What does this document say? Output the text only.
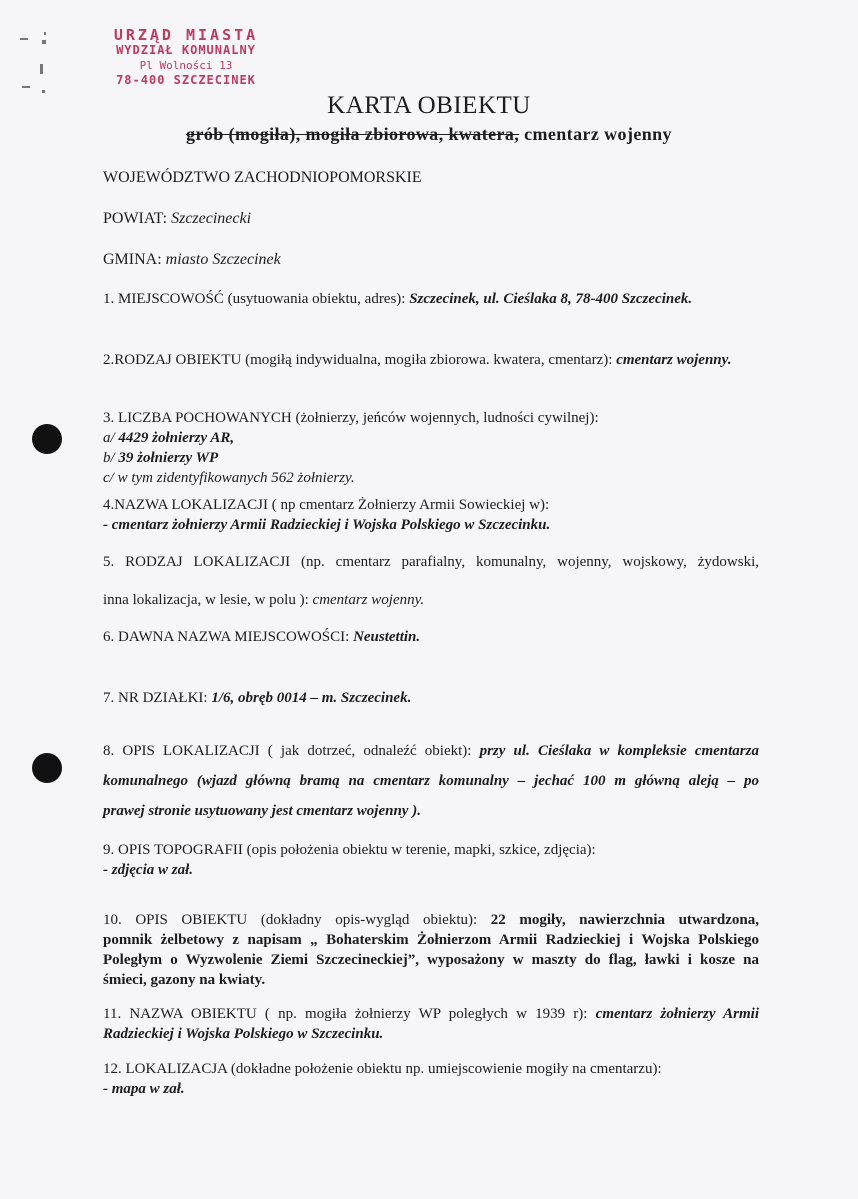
URZĄD MIASTA
WYDZIAŁ KOMUNALNY
Pl Wolności 13
78-400 SZCZECINEK
KARTA OBIEKTU
grób (mogiła), mogiła zbiorowa, kwatera, cmentarz wojenny
WOJEWÓDZTWO ZACHODNIOPOMORSKIE
POWIAT: Szczecinecki
GMINA: miasto Szczecinek
1. MIEJSCOWOŚĆ (usytuowania obiektu, adres): Szczecinek, ul. Cieślaka 8, 78-400 Szczecinek.
2.RODZAJ OBIEKTU (mogiłą indywidualna, mogiła zbiorowa. kwatera, cmentarz): cmentarz wojenny.
3. LICZBA POCHOWANYCH (żołnierzy, jeńców wojennych, ludności cywilnej):
a/ 4429 żołnierzy AR,
b/ 39 żołnierzy WP
c/ w tym zidentyfikowanych 562 żołnierzy.
4.NAZWA LOKALIZACJI ( np cmentarz Żołnierzy Armii Sowieckiej w):
- cmentarz żołnierzy Armii Radzieckiej i Wojska Polskiego w Szczecinku.
5. RODZAJ LOKALIZACJI (np. cmentarz parafialny, komunalny, wojenny, wojskowy, żydowski,
inna lokalizacja, w lesie, w polu ): cmentarz wojenny.
6. DAWNA NAZWA MIEJSCOWOŚCI: Neustettin.
7. NR DZIAŁKI: 1/6, obręb 0014 – m. Szczecinek.
8. OPIS LOKALIZACJI ( jak dotrzeć, odnaleźć obiekt): przy ul. Cieślaka w kompleksie cmentarza
komunalnego (wjazd główną bramą na cmentarz komunalny – jechać 100 m główną aleją – po
prawej stronie usytuowany jest cmentarz wojenny ).
9. OPIS TOPOGRAFII (opis położenia obiektu w terenie, mapki, szkice, zdjęcia):
- zdjęcia w zał.
10. OPIS OBIEKTU (dokładny opis-wygląd obiektu): 22 mogiły, nawierzchnia utwardzona,
pomnik żelbetowy z napisam „ Bohaterskim Żołnierzom Armii Radzieckiej i Wojska Polskiego
Poległym o Wyzwolenie Ziemi Szczecineckiej”, wyposażony w maszty do flag, ławki i kosze na
śmieci, gazony na kwiaty.
11. NAZWA OBIEKTU ( np. mogiła żołnierzy WP poległych w 1939 r): cmentarz żołnierzy Armii
Radzieckiej i Wojska Polskiego w Szczecinku.
12. LOKALIZACJA (dokładne położenie obiektu np. umiejscowienie mogiły na cmentarzu):
- mapa w zał.
